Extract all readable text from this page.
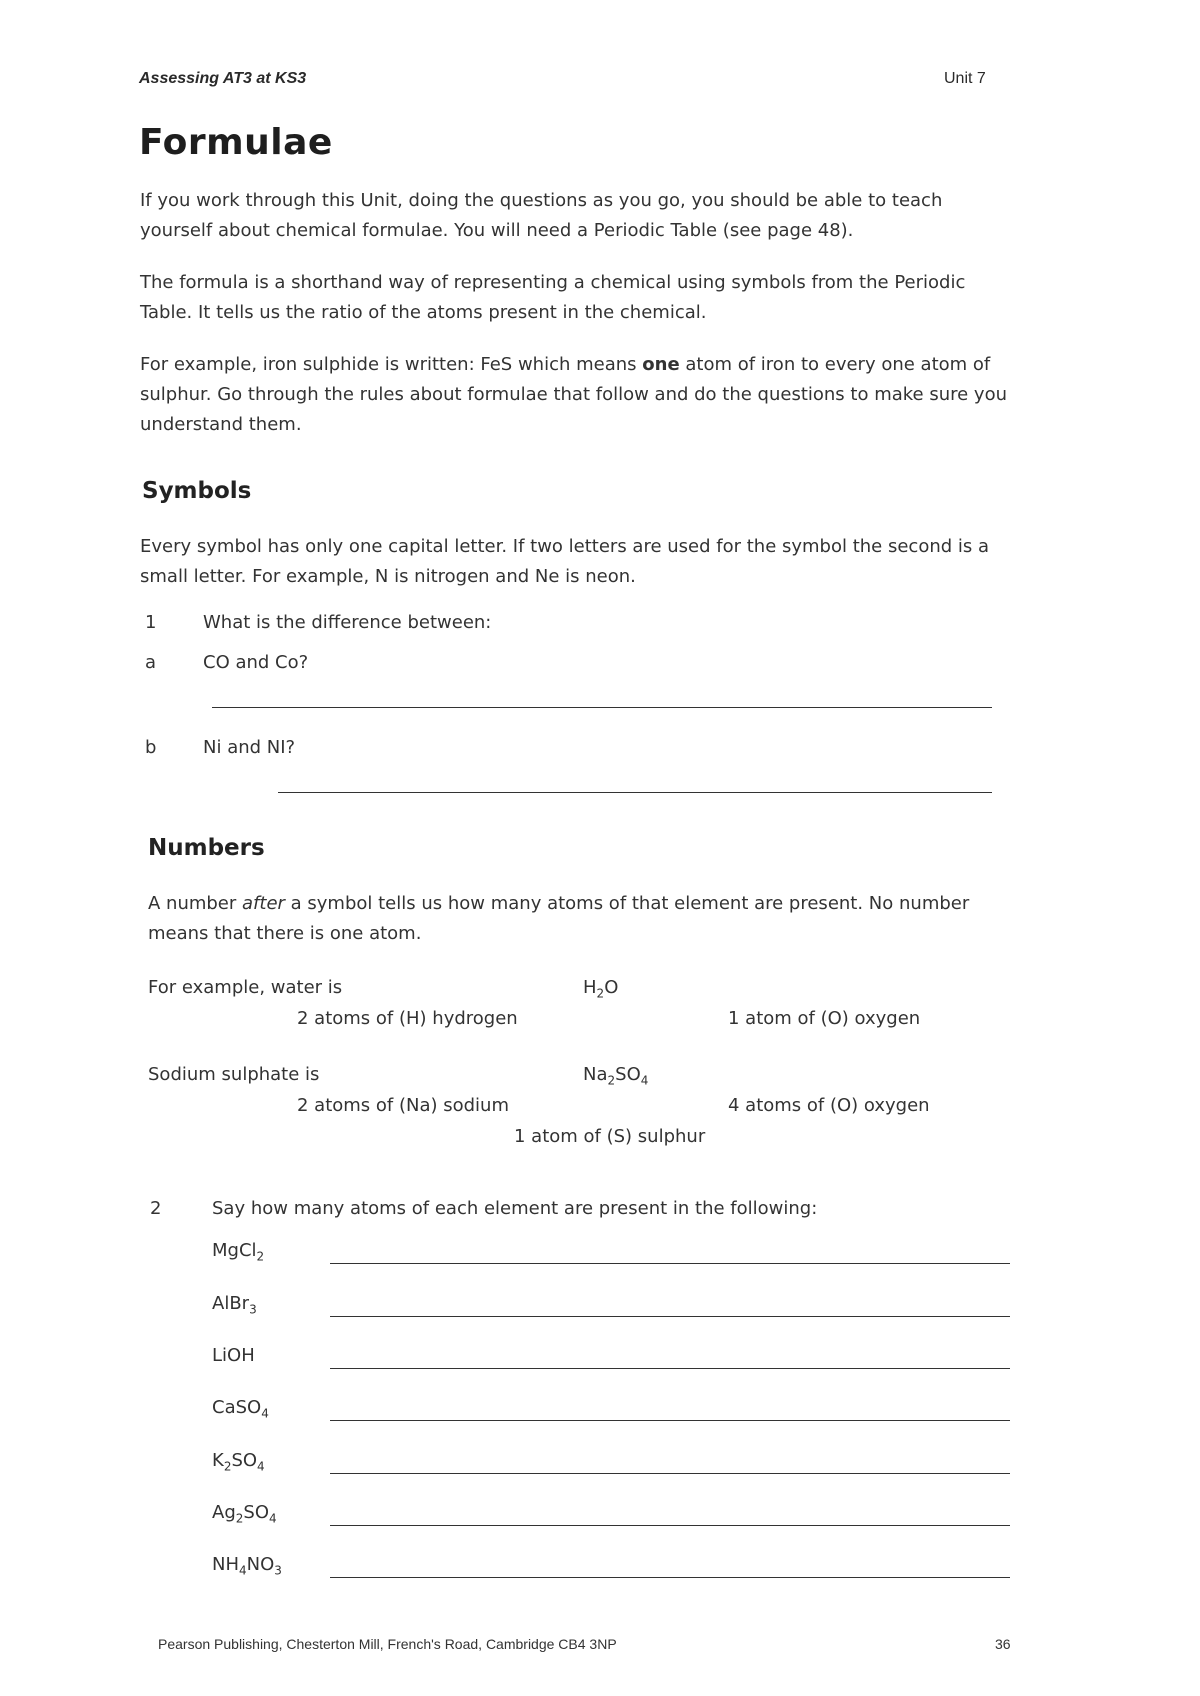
Assessing AT3 at KS3	Unit 7
Formulae
If you work through this Unit, doing the questions as you go, you should be able to teach yourself about chemical formulae. You will need a Periodic Table (see page 48).
The formula is a shorthand way of representing a chemical using symbols from the Periodic Table. It tells us the ratio of the atoms present in the chemical.
For example, iron sulphide is written: FeS which means one atom of iron to every one atom of sulphur. Go through the rules about formulae that follow and do the questions to make sure you understand them.
Symbols
Every symbol has only one capital letter. If two letters are used for the symbol the second is a small letter. For example, N is nitrogen and Ne is neon.
1	What is the difference between:
a	CO and Co?
b	Ni and NI?
Numbers
A number after a symbol tells us how many atoms of that element are present. No number means that there is one atom.
For example, water is	$H_2O$
2 atoms of (H) hydrogen	1 atom of (O) oxygen
Sodium sulphate is	$Na_2SO_4$
2 atoms of (Na) sodium	4 atoms of (O) oxygen
1 atom of (S) sulphur
2	Say how many atoms of each element are present in the following:
MgCl$_2$
AlBr$_3$
LiOH
CaSO$_4$
$K_2SO_4$
$Ag_2SO_4$
$NH_4NO_3$
Pearson Publishing, Chesterton Mill, French's Road, Cambridge CB4 3NP	36
